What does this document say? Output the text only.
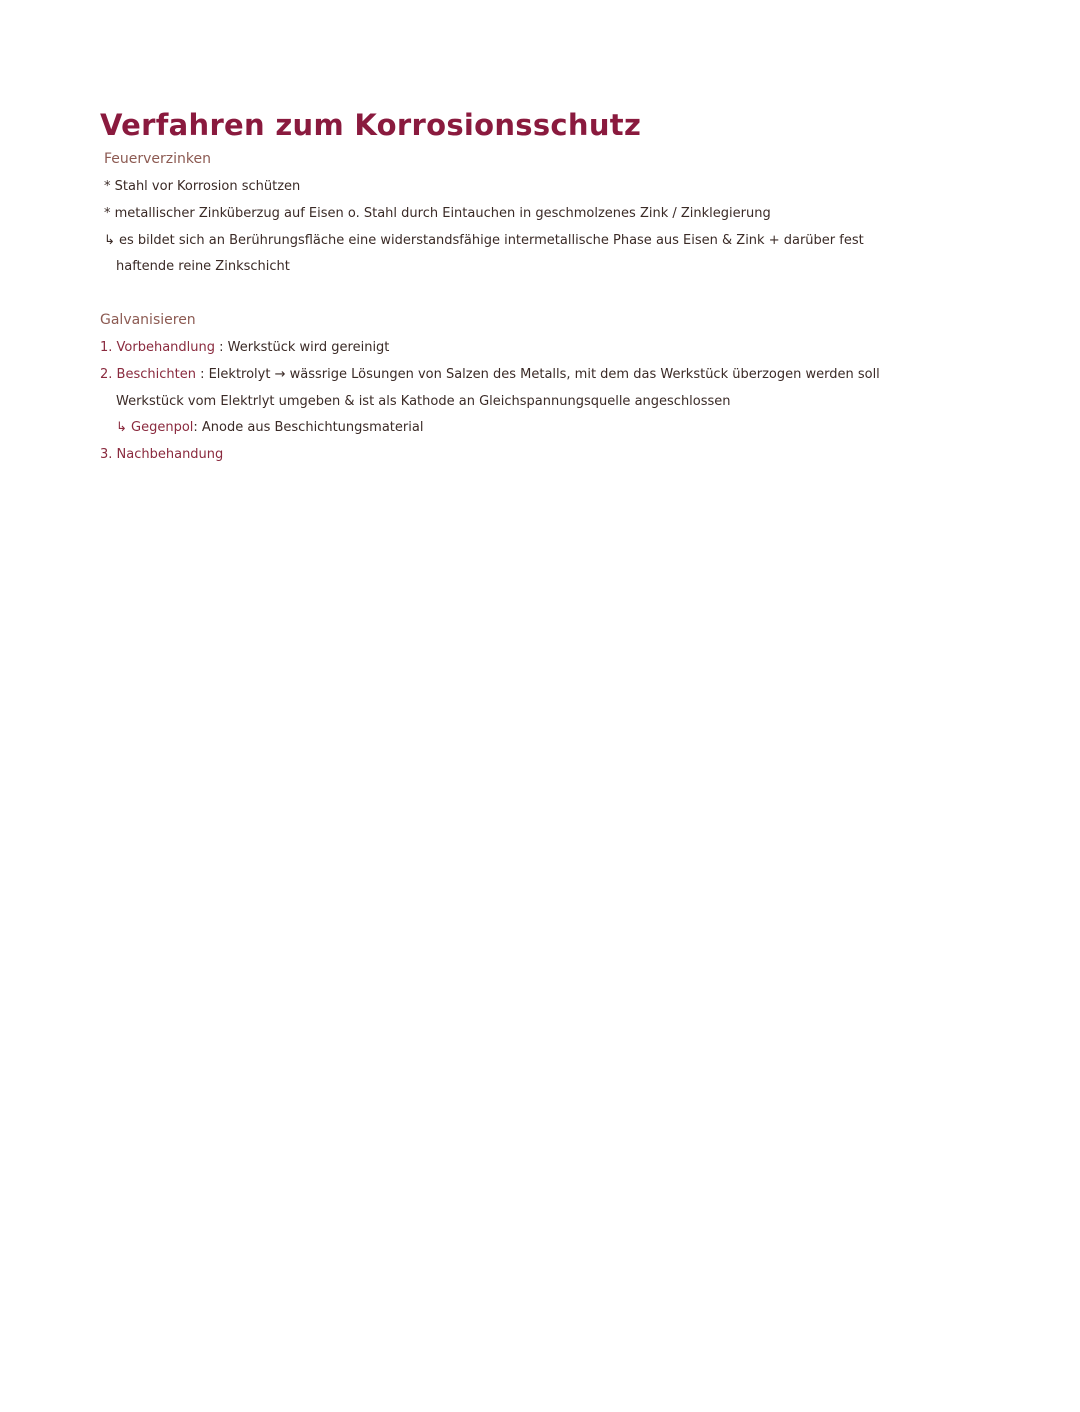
Verfahren zum Korrosionsschutz
Feuerverzinken
* Stahl vor Korrosion schützen
* metallischer Zinküberzug auf Eisen o. Stahl durch Eintauchen in geschmolzenes Zink / Zinklegierung
↳ es bildet sich an Berührungsfläche eine widerstandsfähige intermetallische Phase aus Eisen & Zink + darüber fest
haftende reine Zinkschicht
Galvanisieren
1. Vorbehandlung : Werkstück wird gereinigt
2. Beschichten : Elektrolyt → wässrige Lösungen von Salzen des Metalls, mit dem das Werkstück überzogen werden soll
Werkstück vom Elektrlyt umgeben & ist als Kathode an Gleichspannungsquelle angeschlossen
↳ Gegenpol: Anode aus Beschichtungsmaterial
3. Nachbehandung
